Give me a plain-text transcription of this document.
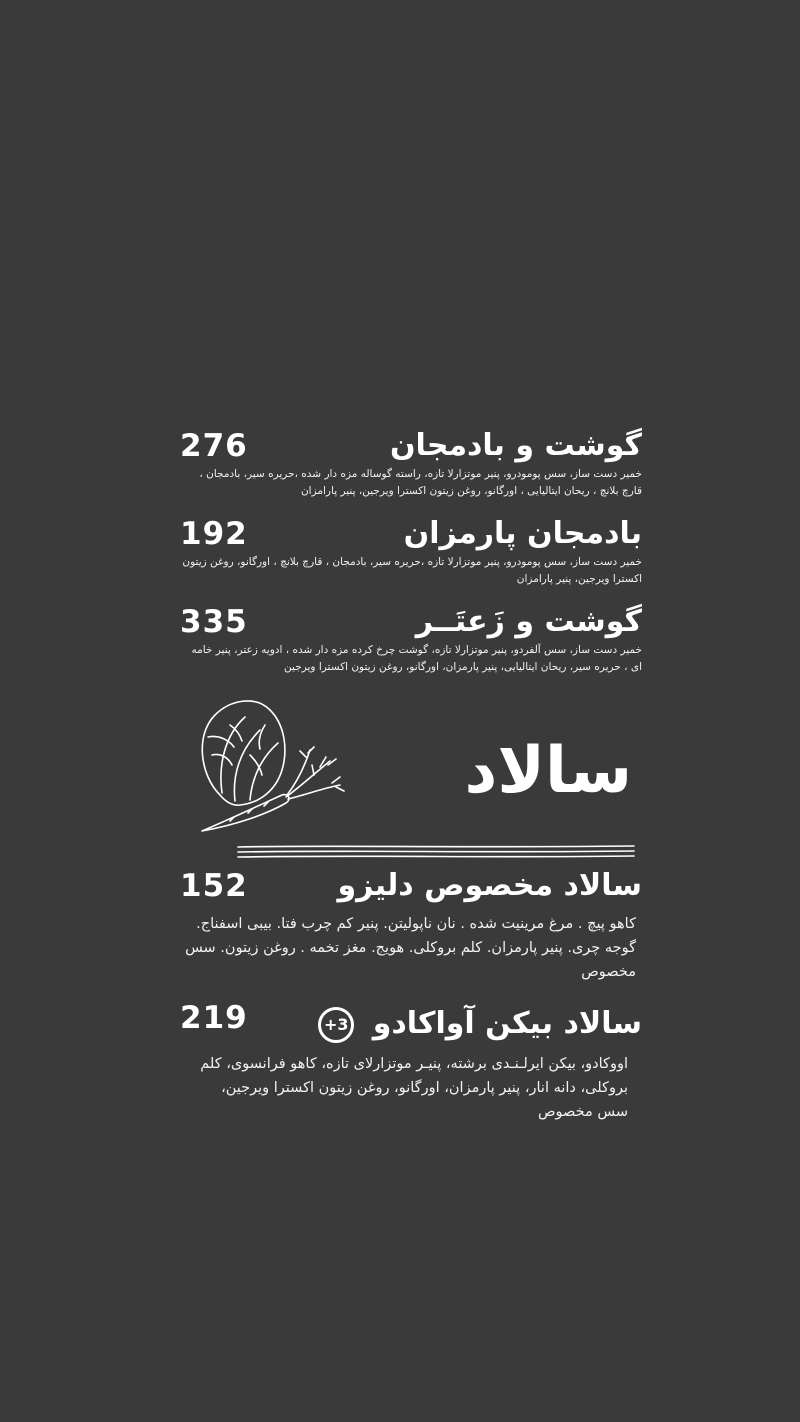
276	گوشت و بادمجان
خمیر دست ساز، سس پومودرو، پنیر موتزارلا تازه، راسته گوساله مزه دار شده ،حریره سیر، بادمجان ، قارچ بلانچ ، ریحان ایتالیایی ، اورگانو، روغن زیتون اکسترا ویرجین، پنیر پارامزان
192	بادمجان پارمزان
خمیر دست ساز، سس پومودرو، پنیر موتزارلا تازه ،حریره سیر، بادمجان ، قارچ بلانچ ، اورگانو، روغن زیتون اکسترا ویرجین، پنیر پارامزان
335	گوشت و زَعتَــر
خمیر دست ساز، سس آلفردو، پنیر موتزارلا تازه، گوشت چرخ کرده مزه دار شده ، ادویه زعتر، پنیر خامه ای ، حریره سیر، ریحان ایتالیایی، پنیر پارمزان، اورگانو، روغن زیتون اکسترا ویرجین
سالاد
152	سالاد مخصوص دلیزو
کاهو پیچ . مرغ مرینیت شده . نان ناپولیتن. پنیر کم چرب فتا. بیبی اسفناج. گوجه چری. پنیر پارمزان. کلم بروکلی. هویج. مغز تخمه . روغن زیتون. سس مخصوص
219	سالاد بیکن آواکادو +3
اووکادو، بیکن ایرلـنـدی برشته، پنیـر موتزارلای تازه، کاهو فرانسوی، کلم بروکلی، دانه انار، پنیر پارمزان، اورگانو، روغن زیتون اکسترا ویرجین، سس مخصوص
